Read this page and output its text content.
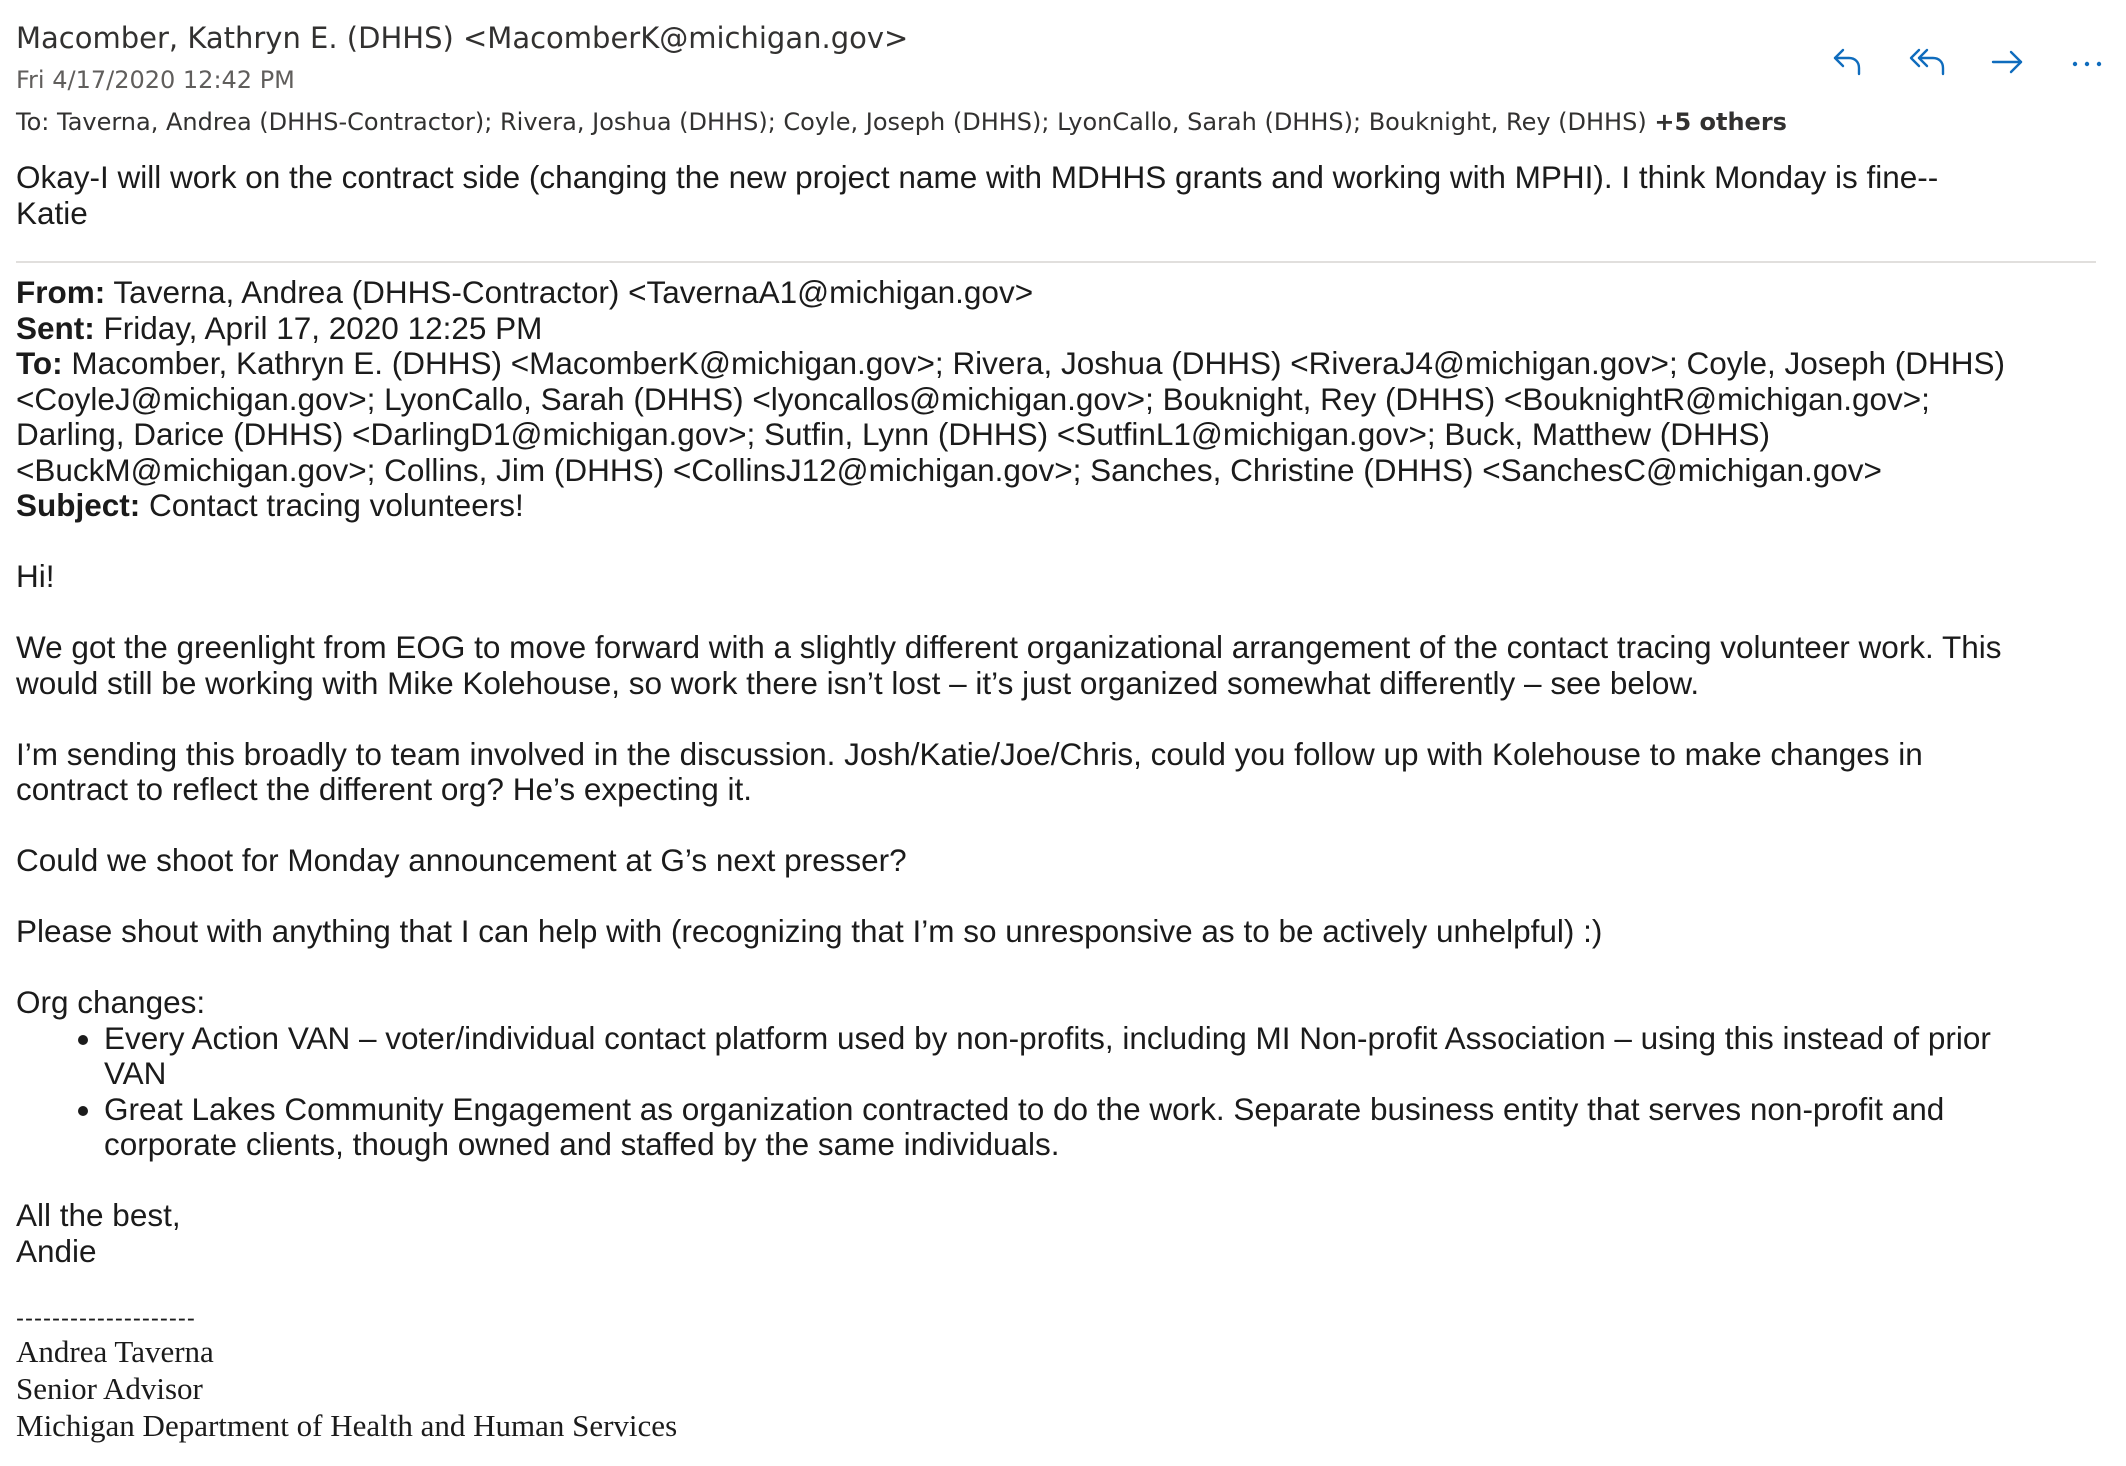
Macomber, Kathryn E. (DHHS) <MacomberK@michigan.gov>
Fri 4/17/2020 12:42 PM
To: Taverna, Andrea (DHHS-Contractor); Rivera, Joshua (DHHS); Coyle, Joseph (DHHS); LyonCallo, Sarah (DHHS); Bouknight, Rey (DHHS) +5 others

Okay-I will work on the contract side (changing the new project name with MDHHS grants and working with MPHI). I think Monday is fine--

Katie

From: Taverna, Andrea (DHHS-Contractor) <TavernaA1@michigan.gov>

Sent: Friday, April 17, 2020 12:25 PM

To: Macomber, Kathryn E. (DHHS) <MacomberK@michigan.gov>; Rivera, Joshua (DHHS) <RiveraJ4@michigan.gov>; Coyle, Joseph (DHHS)

<CoyleJ@michigan.gov>; LyonCallo, Sarah (DHHS) <lyoncallos@michigan.gov>; Bouknight, Rey (DHHS) <BouknightR@michigan.gov>;

Darling, Darice (DHHS) <DarlingD1@michigan.gov>; Sutfin, Lynn (DHHS) <SutfinL1@michigan.gov>; Buck, Matthew (DHHS)

<BuckM@michigan.gov>; Collins, Jim (DHHS) <CollinsJ12@michigan.gov>; Sanches, Christine (DHHS) <SanchesC@michigan.gov>

Subject: Contact tracing volunteers!

Hi!

We got the greenlight from EOG to move forward with a slightly different organizational arrangement of the contact tracing volunteer work. This

would still be working with Mike Kolehouse, so work there isn’t lost – it’s just organized somewhat differently – see below.

I’m sending this broadly to team involved in the discussion. Josh/Katie/Joe/Chris, could you follow up with Kolehouse to make changes in

contract to reflect the different org? He’s expecting it.

Could we shoot for Monday announcement at G’s next presser?

Please shout with anything that I can help with (recognizing that I’m so unresponsive as to be actively unhelpful) :)

Org changes:

• Every Action VAN – voter/individual contact platform used by non-profits, including MI Non-profit Association – using this instead of prior
VAN
• Great Lakes Community Engagement as organization contracted to do the work. Separate business entity that serves non-profit and
corporate clients, though owned and staffed by the same individuals.

All the best,

Andie

--------------------

Andrea Taverna

Senior Advisor

Michigan Department of Health and Human Services
